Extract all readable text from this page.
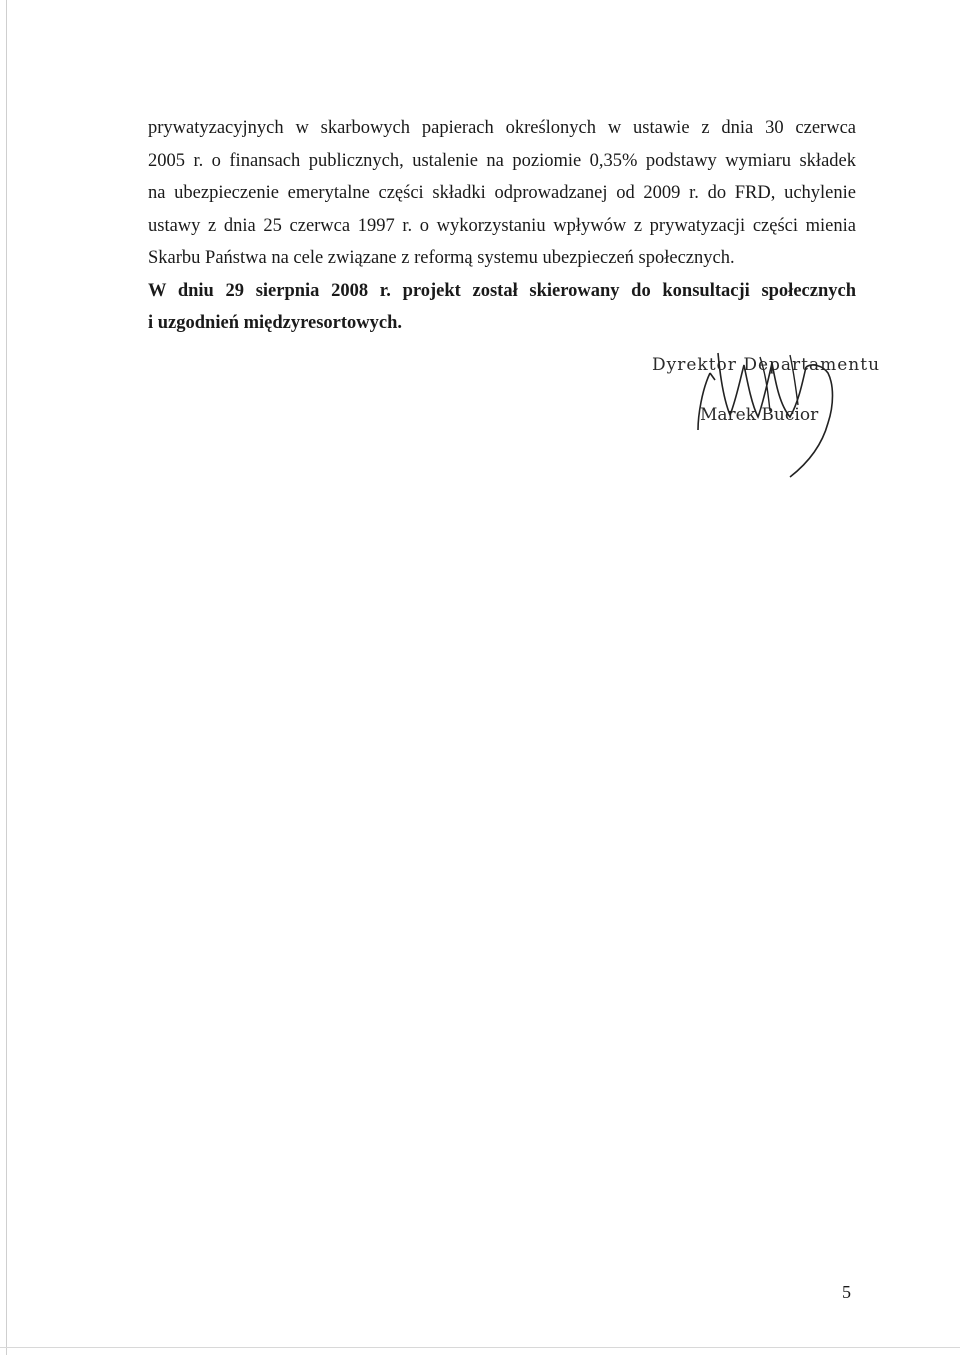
prywatyzacyjnych w skarbowych papierach określonych w ustawie z dnia 30 czerwca
2005 r. o finansach publicznych, ustalenie na poziomie 0,35% podstawy wymiaru składek
na ubezpieczenie emerytalne części składki odprowadzanej od 2009 r. do FRD, uchylenie
ustawy z dnia 25 czerwca 1997 r. o wykorzystaniu wpływów z prywatyzacji części mienia
Skarbu Państwa na cele związane z reformą systemu ubezpieczeń społecznych.
W dniu 29 sierpnia 2008 r. projekt został skierowany do konsultacji społecznych
i uzgodnień międzyresortowych.
Dyrektor Departamentu
Marek Bucior
5
